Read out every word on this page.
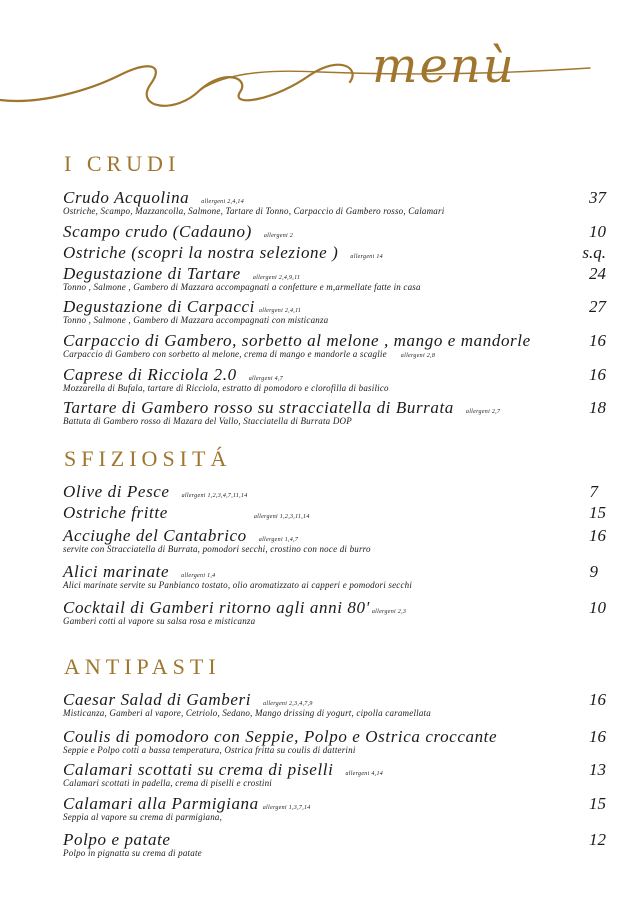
menù
I CRUDI
Crudo Acquolina allergeni 2,4,14	37
Ostriche, Scampo, Mazzancolla, Salmone, Tartare di Tonno, Carpaccio di Gambero rosso, Calamari
Scampo crudo (Cadauno) allergeni 2	10
Ostriche (scopri la nostra selezione ) allergeni 14	s.q.
Degustazione di Tartare allergeni 2,4,9,11	24
Tonno , Salmone , Gambero di Mazzara accompagnati a confetture e m,armellate fatte in casa
Degustazione di Carpacci allergeni 2,4,11	27
Tonno , Salmone , Gambero di Mazzara accompagnati con misticanza
Carpaccio di Gambero, sorbetto al melone , mango e mandorle	16
Carpaccio di Gambero con sorbetto al melone, crema di mango e mandorle a scaglie allergeni 2,8
Caprese di Ricciola 2.0 allergeni 4,7	16
Mozzarella di Bufala, tartare di Ricciola, estratto di pomodoro e clorofilla di basilico
Tartare di Gambero rosso su stracciatella di Burrata allergeni 2,7	18
Battuta di Gambero rosso di Mazara del Vallo, Stacciatella di Burrata DOP
SFIZIOSITÁ
Olive di Pesce allergeni 1,2,3,4,7,11,14	7
Ostriche fritte	allergeni 1,2,3,11,14	15
Acciughe del Cantabrico allergeni 1,4,7	16
servite con Stracciatella di Burrata, pomodori secchi, crostino con noce di burro
Alici marinate allergeni 1,4	9
Alici marinate servite su Panbianco tostato, olio aromatizzato ai capperi e pomodori secchi
Cocktail di Gamberi ritorno agli anni 80' allergeni 2,3	10
Gamberi cotti al vapore su salsa rosa e misticanza
ANTIPASTI
Caesar Salad di Gamberi allergeni 2,3,4,7,9	16
Misticanza, Gamberi al vapore, Cetriolo, Sedano, Mango drissing di yogurt, cipolla caramellata
Coulis di pomodoro con Seppie, Polpo e Ostrica croccante	16
Seppie e Polpo cotti a bassa temperatura, Ostrica fritta su coulis di datterini
Calamari scottati su crema di piselli allergeni 4,14	13
Calamari scottati in padella, crema di piselli e crostini
Calamari alla Parmigiana allergeni 1,3,7,14	15
Seppia al vapore su crema di parmigiana,
Polpo e patate	12
Polpo in pignatta su crema di patate
